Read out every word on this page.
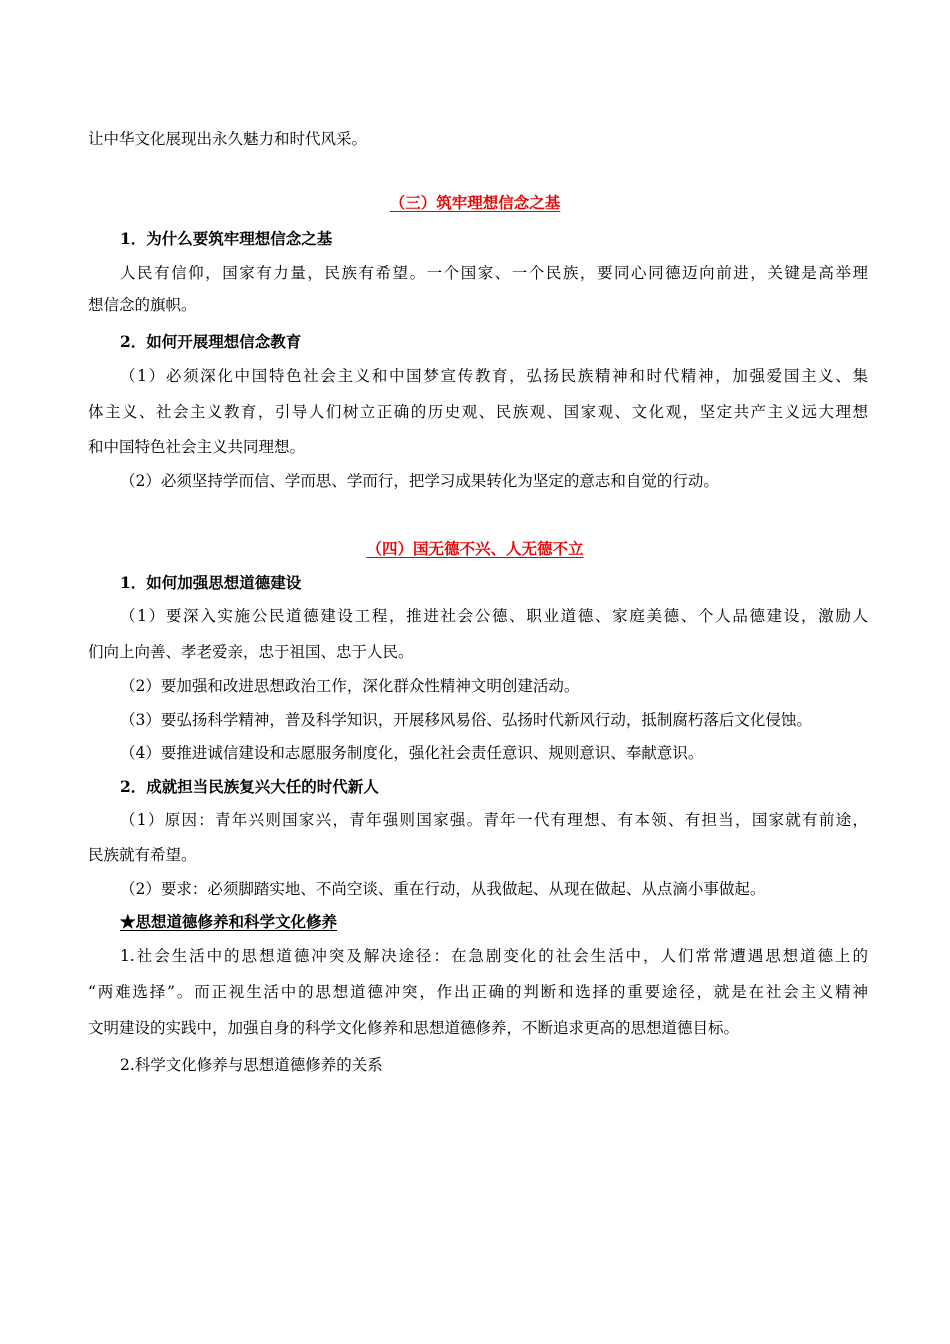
让中华文化展现出永久魅力和时代风采。
（三）筑牢理想信念之基
1．为什么要筑牢理想信念之基
人民有信仰，国家有力量，民族有希望。一个国家、一个民族，要同心同德迈向前进，关键是高举理
想信念的旗帜。
2．如何开展理想信念教育
（1）必须深化中国特色社会主义和中国梦宣传教育，弘扬民族精神和时代精神，加强爱国主义、集
体主义、社会主义教育，引导人们树立正确的历史观、民族观、国家观、文化观，坚定共产主义远大理想
和中国特色社会主义共同理想。
（2）必须坚持学而信、学而思、学而行，把学习成果转化为坚定的意志和自觉的行动。
（四）国无德不兴、人无德不立
1．如何加强思想道德建设
（1）要深入实施公民道德建设工程，推进社会公德、职业道德、家庭美德、个人品德建设，激励人
们向上向善、孝老爱亲，忠于祖国、忠于人民。
（2）要加强和改进思想政治工作，深化群众性精神文明创建活动。
（3）要弘扬科学精神，普及科学知识，开展移风易俗、弘扬时代新风行动，抵制腐朽落后文化侵蚀。
（4）要推进诚信建设和志愿服务制度化，强化社会责任意识、规则意识、奉献意识。
2．成就担当民族复兴大任的时代新人
（1）原因：青年兴则国家兴，青年强则国家强。青年一代有理想、有本领、有担当，国家就有前途，
民族就有希望。
（2）要求：必须脚踏实地、不尚空谈、重在行动，从我做起、从现在做起、从点滴小事做起。
★思想道德修养和科学文化修养
1.社会生活中的思想道德冲突及解决途径：在急剧变化的社会生活中，人们常常遭遇思想道德上的
“两难选择”。而正视生活中的思想道德冲突，作出正确的判断和选择的重要途径，就是在社会主义精神
文明建设的实践中，加强自身的科学文化修养和思想道德修养，不断追求更高的思想道德目标。
2.科学文化修养与思想道德修养的关系
